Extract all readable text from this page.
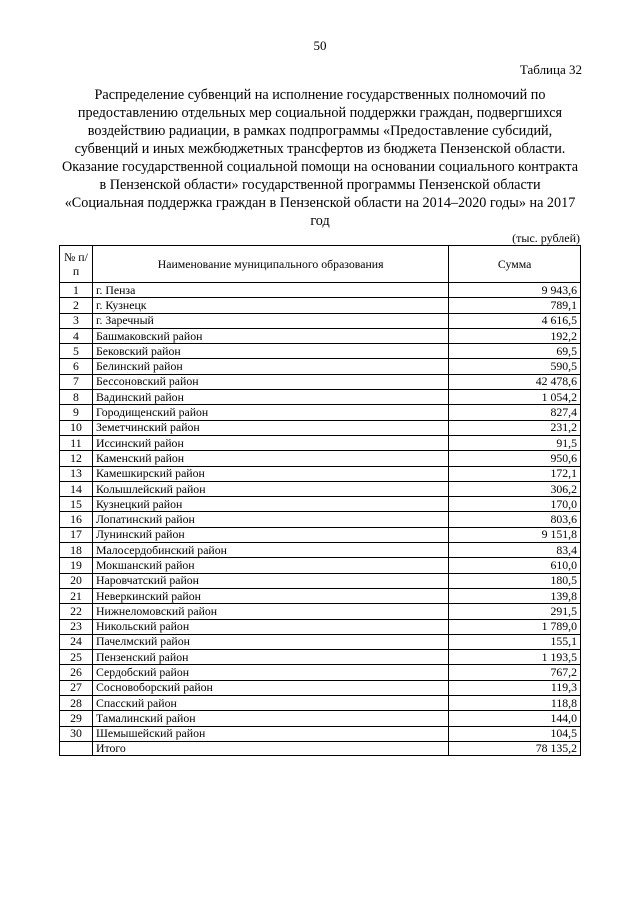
50
Таблица 32
Распределение субвенций на исполнение государственных полномочий по предоставлению отдельных мер социальной поддержки граждан, подвергшихся воздействию радиации, в рамках подпрограммы «Предоставление субсидий, субвенций и иных межбюджетных трансфертов из бюджета Пензенской области. Оказание государственной социальной помощи на основании социального контракта в Пензенской области» государственной программы Пензенской области «Социальная поддержка граждан в Пензенской области на 2014–2020 годы» на 2017 год
(тыс. рублей)
№ п/п	Наименование муниципального образования	Сумма
1	г. Пенза	9 943,6
2	г. Кузнецк	789,1
3	г. Заречный	4 616,5
4	Башмаковский район	192,2
5	Бековский район	69,5
6	Белинский район	590,5
7	Бессоновский район	42 478,6
8	Вадинский район	1 054,2
9	Городищенский район	827,4
10	Земетчинский район	231,2
11	Иссинский район	91,5
12	Каменский район	950,6
13	Камешкирский район	172,1
14	Колышлейский район	306,2
15	Кузнецкий район	170,0
16	Лопатинский район	803,6
17	Лунинский район	9 151,8
18	Малосердобинский район	83,4
19	Мокшанский район	610,0
20	Наровчатский район	180,5
21	Неверкинский район	139,8
22	Нижнеломовский район	291,5
23	Никольский район	1 789,0
24	Пачелмский район	155,1
25	Пензенский район	1 193,5
26	Сердобский район	767,2
27	Сосновоборский район	119,3
28	Спасский район	118,8
29	Тамалинский район	144,0
30	Шемышейский район	104,5
	Итого	78 135,2
